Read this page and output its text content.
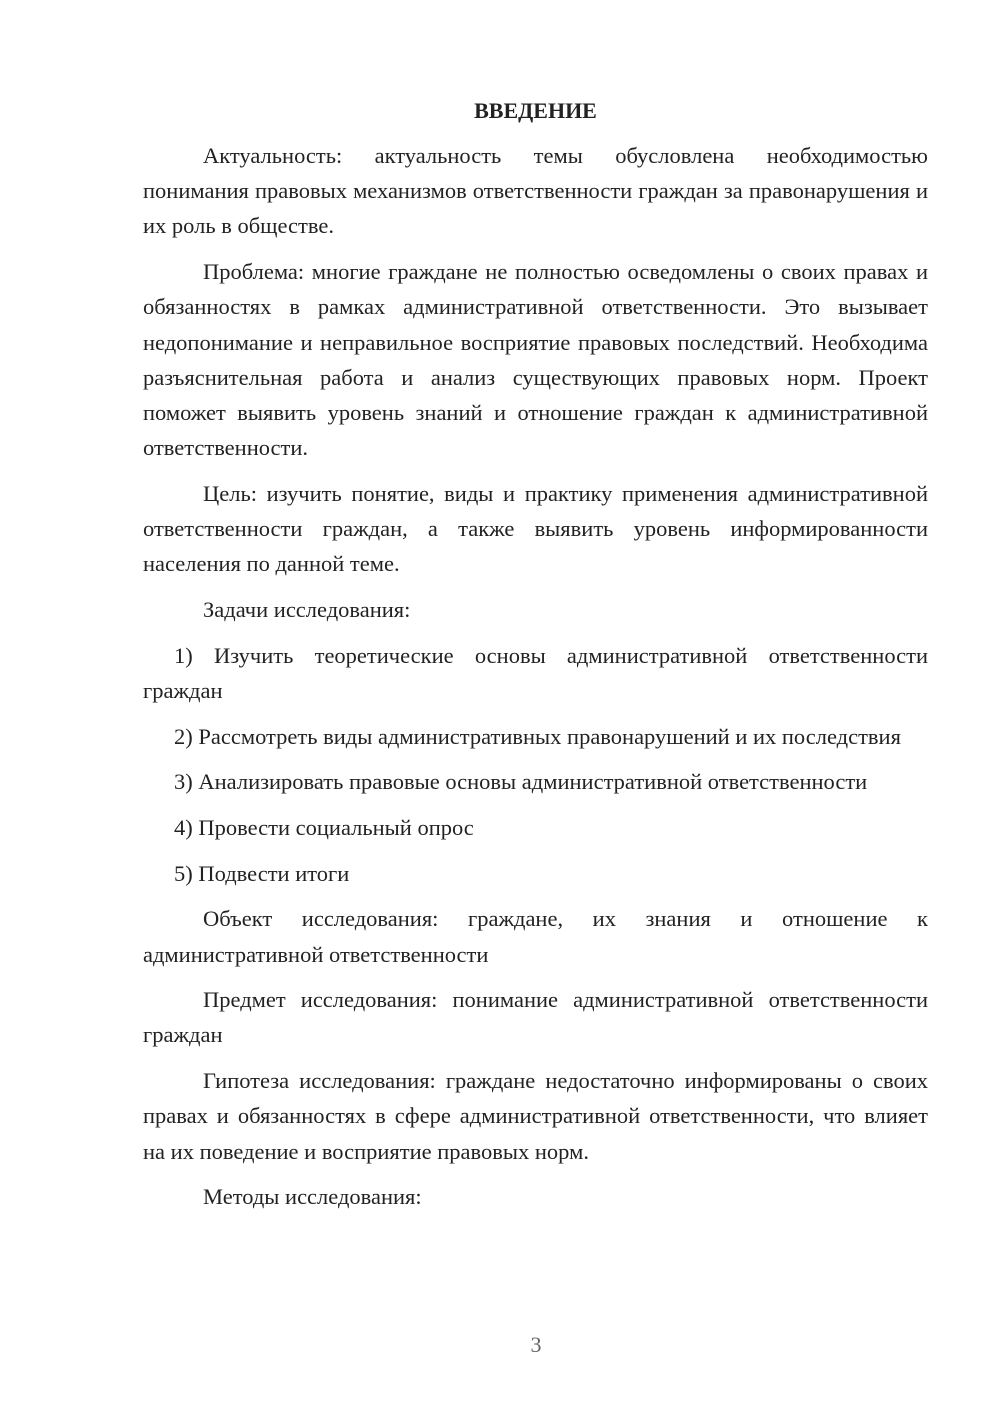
ВВЕДЕНИЕ

Актуальность: актуальность темы обусловлена необходимостью понимания правовых механизмов ответственности граждан за правонарушения и их роль в обществе.

Проблема: многие граждане не полностью осведомлены о своих правах и обязанностях в рамках административной ответственности. Это вызывает недопонимание и неправильное восприятие правовых последствий. Необходима разъяснительная работа и анализ существующих правовых норм. Проект поможет выявить уровень знаний и отношение граждан к административной ответственности.

Цель: изучить понятие, виды и практику применения административной ответственности граждан, а также выявить уровень информированности населения по данной теме.

Задачи исследования:

1) Изучить теоретические основы административной ответственности граждан

2) Рассмотреть виды административных правонарушений и их последствия

3) Анализировать правовые основы административной ответственности

4) Провести социальный опрос

5) Подвести итоги

Объект исследования: граждане, их знания и отношение к административной ответственности

Предмет исследования: понимание административной ответственности граждан

Гипотеза исследования: граждане недостаточно информированы о своих правах и обязанностях в сфере административной ответственности, что влияет на их поведение и восприятие правовых норм.

Методы исследования:

3
